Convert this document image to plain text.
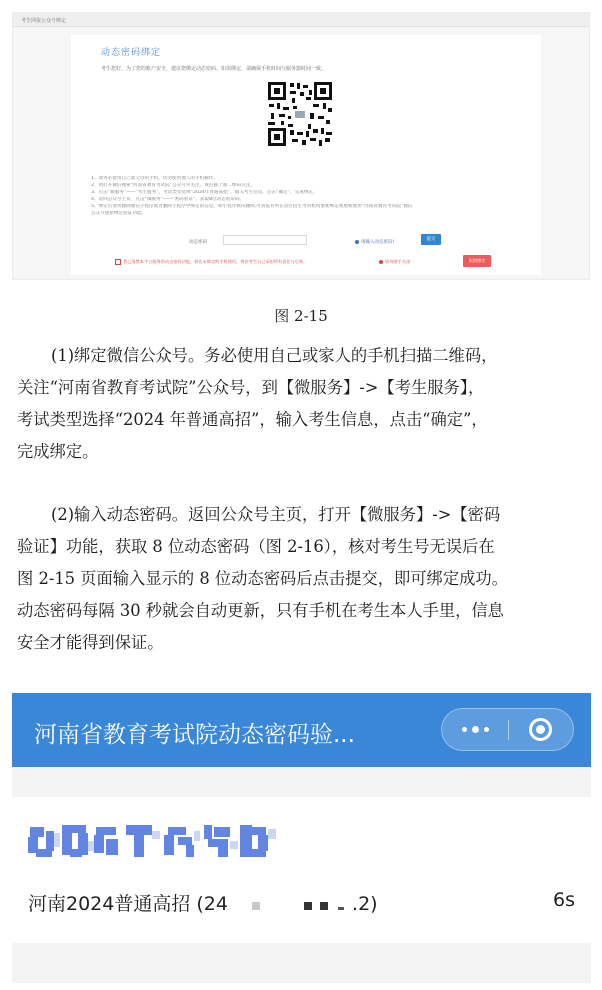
考生网报公众号绑定
动态密码绑定
考生您好，为了您的账户安全，建议您绑定动态密码。如需绑定，请确保手机时间与服务器时间一致。
1、请务必使用自己或父母的手机，切勿使用他人的手机操作。
2、请打开微信搜索“河南省教育考试院”公众号并关注，或扫描上面二维码关注。
3、点击“微服务”——“考生服务”，考试类型选择“2024年普通高招”，输入考生信息，点击“确定”，完成绑定。
4、返回公众号主页，点击“微服务”——“密码验证”，获取8位动态验证码。
5、绑定后请勿删除微信小程序或者删除小程序中绑定的信息，如小程序被误删除,可到报名所在县区招生考试机构重新绑定或重新使用“河南省教育考试院”微信
公众号重新绑定验证功能。
动态密码	请输入动态密码!
提交
我已清楚本平台服务的动态密码功能，如在未绑定的手机使用，将由考生自己承担所有责任与后果。	请勿随手关闭	取消绑定
图 2-15
(1)绑定微信公众号。务必使用自己或家人的手机扫描二维码，
关注“河南省教育考试院”公众号，到【微服务】->【考生服务】，
考试类型选择“2024 年普通高招”，输入考生信息，点击“确定”，
完成绑定。
(2)输入动态密码。返回公众号主页，打开【微服务】->【密码
验证】功能，获取 8 位动态密码（图 2-16），核对考生号无误后在
图 2-15 页面输入显示的 8 位动态密码后点击提交，即可绑定成功。
动态密码每隔 30 秒就会自动更新，只有手机在考生本人手里，信息
安全才能得到保证。
河南省教育考试院动态密码验...
河南2024普通高招 (24	.2)	6s
